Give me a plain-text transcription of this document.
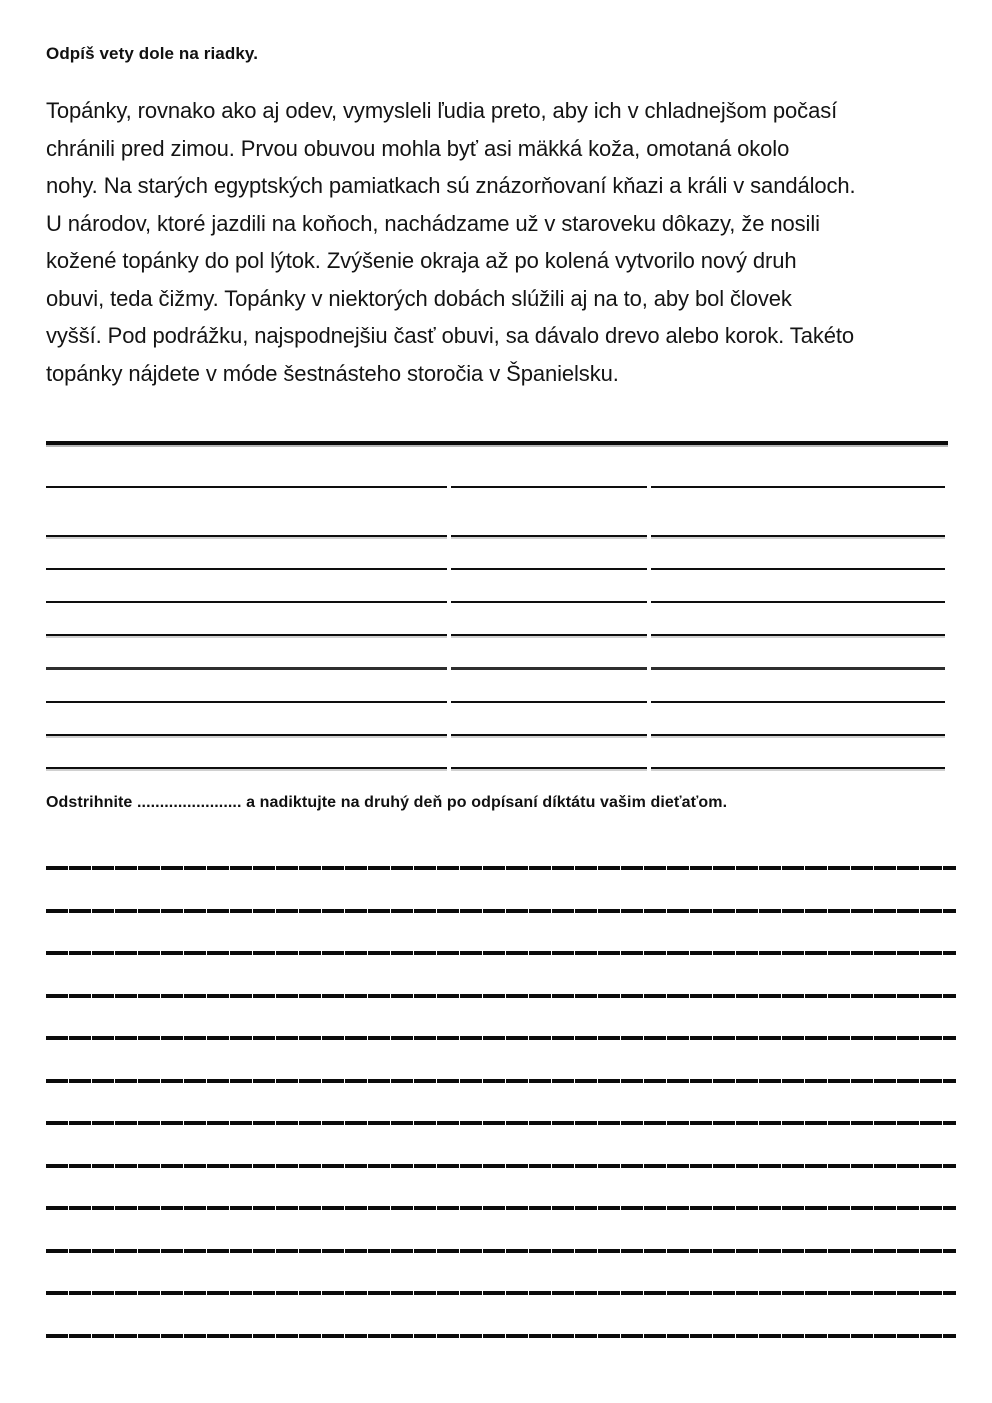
Odpíš vety dole na riadky.
Topánky, rovnako ako aj odev, vymysleli ľudia preto, aby ich v chladnejšom počasí
chránili pred zimou. Prvou obuvou mohla byť asi mäkká koža, omotaná okolo
nohy. Na starých egyptských pamiatkach sú znázorňovaní kňazi a králi v sandáloch.
U národov, ktoré jazdili na koňoch, nachádzame už v staroveku dôkazy, že nosili
kožené topánky do pol lýtok. Zvýšenie okraja až po kolená vytvorilo nový druh
obuvi, teda čižmy. Topánky v niektorých dobách slúžili aj na to, aby bol človek
vyšší. Pod podrážku, najspodnejšiu časť obuvi, sa dávalo drevo alebo korok. Takéto
topánky nájdete v móde šestnásteho storočia v Španielsku.
Odstrihnite ....................... a nadiktujte na druhý deň po odpísaní díktátu vašim dieťaťom.
